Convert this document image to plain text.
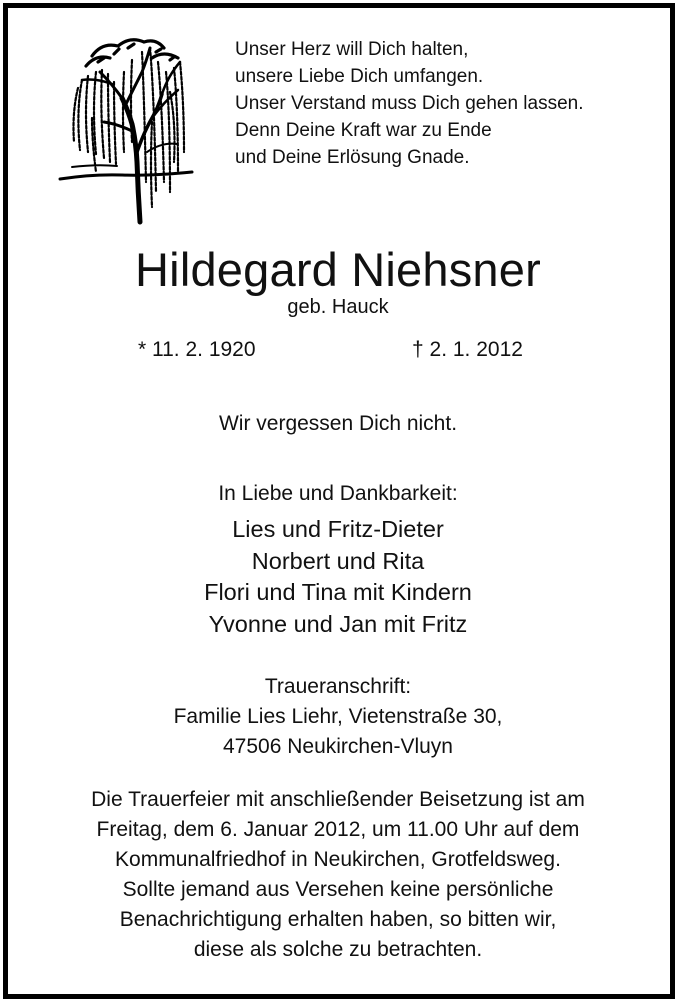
Unser Herz will Dich halten,
unsere Liebe Dich umfangen.
Unser Verstand muss Dich gehen lassen.
Denn Deine Kraft war zu Ende
und Deine Erlösung Gnade.
Hildegard Niehsner
geb. Hauck
* 11. 2. 1920	† 2. 1. 2012
Wir vergessen Dich nicht.
In Liebe und Dankbarkeit:
Lies und Fritz-Dieter
Norbert und Rita
Flori und Tina mit Kindern
Yvonne und Jan mit Fritz
Traueranschrift:
Familie Lies Liehr, Vietenstraße 30,
47506 Neukirchen-Vluyn
Die Trauerfeier mit anschließender Beisetzung ist am
Freitag, dem 6. Januar 2012, um 11.00 Uhr auf dem
Kommunalfriedhof in Neukirchen, Grotfeldsweg.
Sollte jemand aus Versehen keine persönliche
Benachrichtigung erhalten haben, so bitten wir,
diese als solche zu betrachten.
